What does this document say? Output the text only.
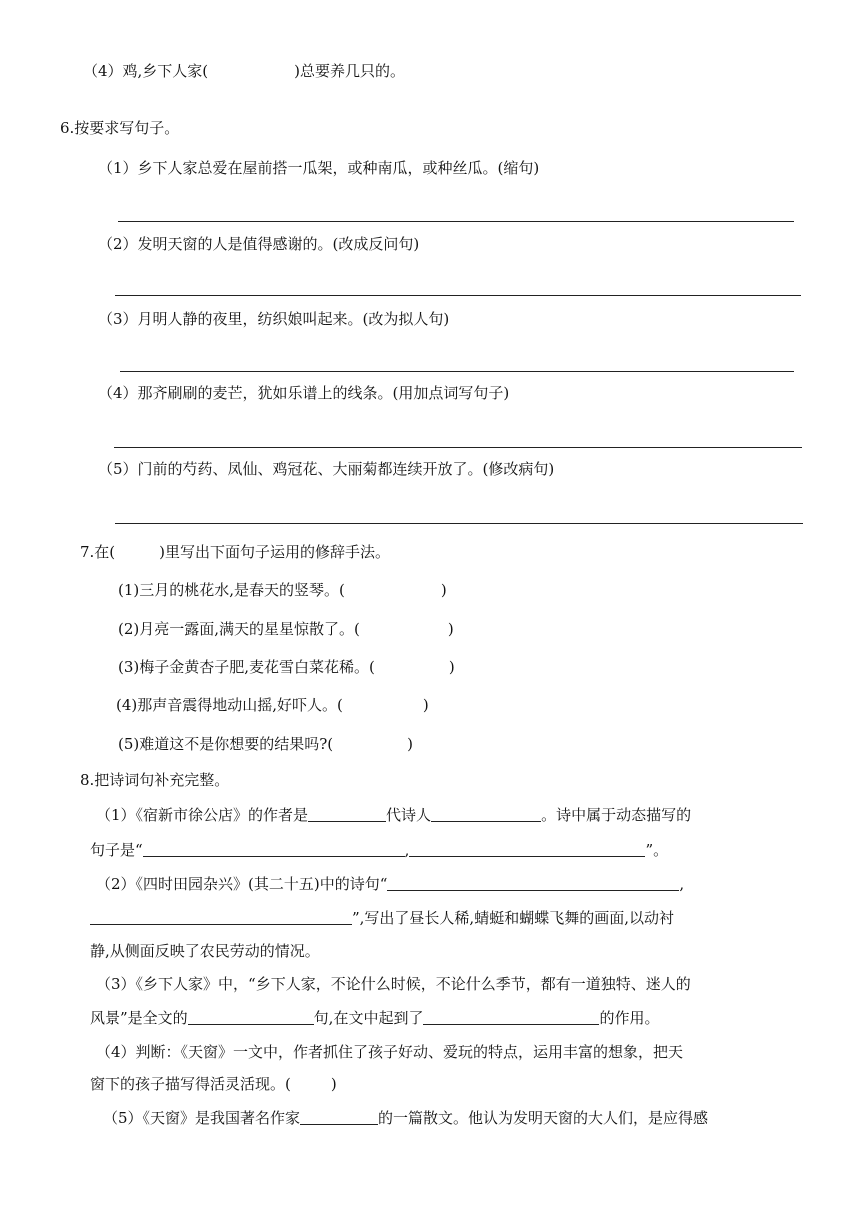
（4）鸡,乡下人家(	)总要养几只的。
6.按要求写句子。
（1）乡下人家总爱在屋前搭一瓜架，或种南瓜，或种丝瓜。(缩句)
（2）发明天窗的人是值得感谢的。(改成反问句)
（3）月明人静的夜里，纺织娘叫起来。(改为拟人句)
（4）那齐刷刷的麦芒，犹如乐谱上的线条。(用加点词写句子)
（5）门前的芍药、凤仙、鸡冠花、大丽菊都连续开放了。(修改病句)
7.在(	)里写出下面句子运用的修辞手法。
(1)三月的桃花水,是春天的竖琴。(	)
(2)月亮一露面,满天的星星惊散了。(	)
(3)梅子金黄杏子肥,麦花雪白菜花稀。(	)
(4)那声音震得地动山摇,好吓人。(	)
(5)难道这不是你想要的结果吗?(	)
8.把诗词句补充完整。
（1）《宿新市徐公店》的作者是	代诗人	。诗中属于动态描写的
句子是“	,	”。
（2）《四时田园杂兴》(其二十五)中的诗句“	,
”,写出了昼长人稀,蜻蜓和蝴蝶飞舞的画面,以动衬
静,从侧面反映了农民劳动的情况。
（3）《乡下人家》中，“乡下人家，不论什么时候，不论什么季节，都有一道独特、迷人的
风景”是全文的	句,在文中起到了	的作用。
（4）判断：《天窗》一文中，作者抓住了孩子好动、爱玩的特点，运用丰富的想象，把天
窗下的孩子描写得活灵活现。(	)
（5）《天窗》是我国著名作家	的一篇散文。他认为发明天窗的大人们，是应得感
